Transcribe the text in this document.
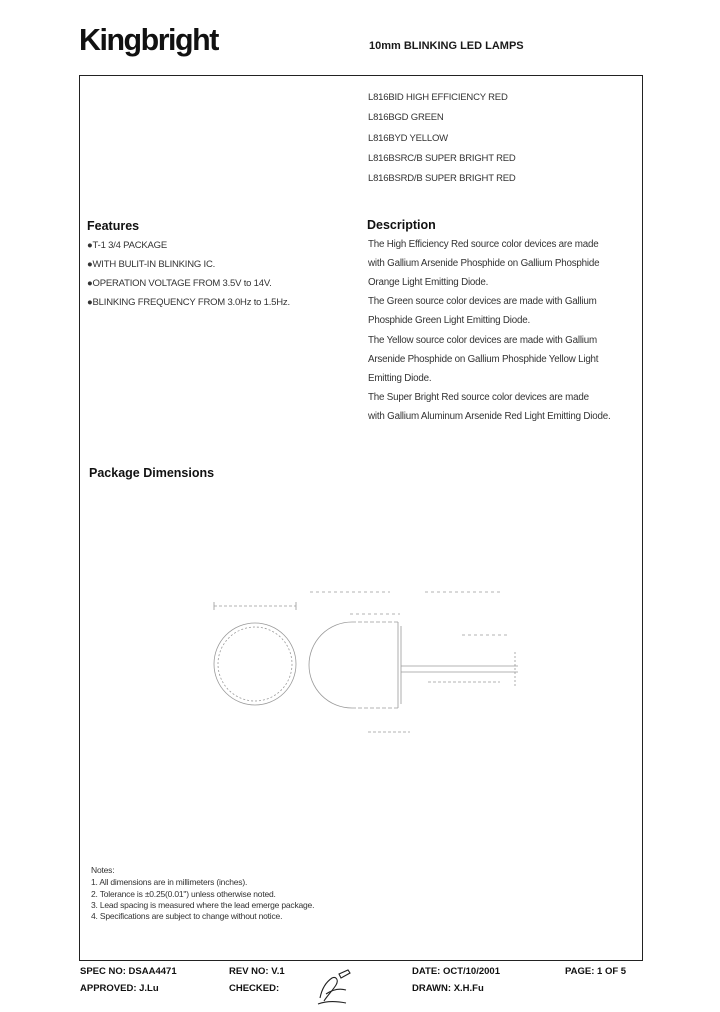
Kingbright	10mm BLINKING LED LAMPS
L816BID HIGH EFFICIENCY RED
L816BGD GREEN
L816BYD YELLOW
L816BSRC/B SUPER BRIGHT RED
L816BSRD/B SUPER BRIGHT RED
Features
●T-1 3/4 PACKAGE
●WITH BULIT-IN BLINKING IC.
●OPERATION VOLTAGE FROM 3.5V to 14V.
●BLINKING FREQUENCY FROM 3.0Hz to 1.5Hz.
Description
The High Efficiency Red source color devices are made
with Gallium Arsenide Phosphide on Gallium Phosphide
Orange Light Emitting Diode.
The Green source color devices are made with Gallium
Phosphide Green Light Emitting Diode.
The Yellow source color devices are made with Gallium
Arsenide Phosphide on Gallium Phosphide Yellow Light
Emitting Diode.
The Super Bright Red source color devices are made
with Gallium Aluminum Arsenide Red Light Emitting Diode.
Package Dimensions
Notes:
1. All dimensions are in millimeters (inches).
2. Tolerance is ±0.25(0.01") unless otherwise noted.
3. Lead spacing is measured where the lead emerge package.
4. Specifications are subject to change without notice.
SPEC NO: DSAA4471	REV NO: V.1	DATE: OCT/10/2001	PAGE: 1 OF 5
APPROVED: J.Lu	CHECKED:	DRAWN: X.H.Fu
